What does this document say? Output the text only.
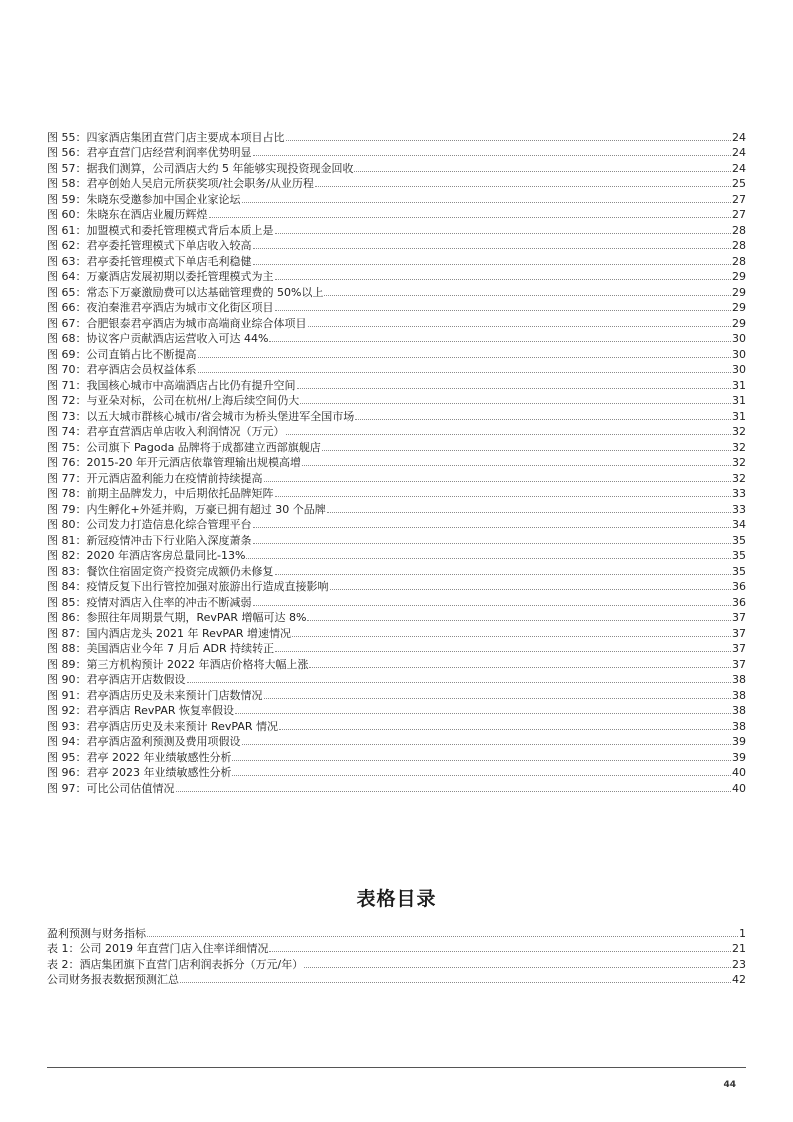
图 55：四家酒店集团直营门店主要成本项目占比	24
图 56：君亭直营门店经营利润率优势明显	24
图 57：据我们测算，公司酒店大约 5 年能够实现投资现金回收	24
图 58：君亭创始人吴启元所获奖项/社会职务/从业历程	25
图 59：朱晓东受邀参加中国企业家论坛	27
图 60：朱晓东在酒店业履历辉煌	27
图 61：加盟模式和委托管理模式背后本质上是	28
图 62：君亭委托管理模式下单店收入较高	28
图 63：君亭委托管理模式下单店毛利稳健	28
图 64：万豪酒店发展初期以委托管理模式为主	29
图 65：常态下万豪激励费可以达基础管理费的 50%以上	29
图 66：夜泊秦淮君亭酒店为城市文化街区项目	29
图 67：合肥银泰君亭酒店为城市高端商业综合体项目	29
图 68：协议客户贡献酒店运营收入可达 44%	30
图 69：公司直销占比不断提高	30
图 70：君亭酒店会员权益体系	30
图 71：我国核心城市中高端酒店占比仍有提升空间	31
图 72：与亚朵对标，公司在杭州/上海后续空间仍大	31
图 73：以五大城市群核心城市/省会城市为桥头堡进军全国市场	31
图 74：君亭直营酒店单店收入利润情况（万元）	32
图 75：公司旗下 Pagoda 品牌将于成都建立西部旗舰店	32
图 76：2015-20 年开元酒店依靠管理输出规模高增	32
图 77：开元酒店盈利能力在疫情前持续提高	32
图 78：前期主品牌发力，中后期依托品牌矩阵	33
图 79：内生孵化+外延并购，万豪已拥有超过 30 个品牌	33
图 80：公司发力打造信息化综合管理平台	34
图 81：新冠疫情冲击下行业陷入深度萧条	35
图 82：2020 年酒店客房总量同比-13%	35
图 83：餐饮住宿固定资产投资完成额仍未修复	35
图 84：疫情反复下出行管控加强对旅游出行造成直接影响	36
图 85：疫情对酒店入住率的冲击不断减弱	36
图 86：参照往年周期景气期，RevPAR 增幅可达 8%	37
图 87：国内酒店龙头 2021 年 RevPAR 增速情况	37
图 88：美国酒店业今年 7 月后 ADR 持续转正	37
图 89：第三方机构预计 2022 年酒店价格将大幅上涨	37
图 90：君亭酒店开店数假设	38
图 91：君亭酒店历史及未来预计门店数情况	38
图 92：君亭酒店 RevPAR 恢复率假设	38
图 93：君亭酒店历史及未来预计 RevPAR 情况	38
图 94：君亭酒店盈利预测及费用项假设	39
图 95：君亭 2022 年业绩敏感性分析	39
图 96：君亭 2023 年业绩敏感性分析	40
图 97：可比公司估值情况	40
表格目录
盈利预测与财务指标	1
表 1：公司 2019 年直营门店入住率详细情况	21
表 2：酒店集团旗下直营门店利润表拆分（万元/年）	23
公司财务报表数据预测汇总	42
44
